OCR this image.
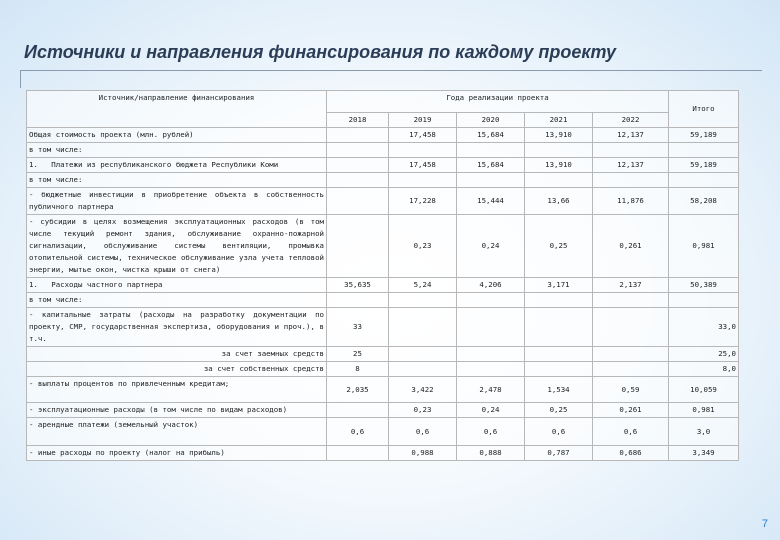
Источники и направления финансирования по каждому проекту
Источник/направление финансирования	Года реализации проекта					Итого
	2018	2019	2020	2021	2022	
Общая стоимость проекта (млн. рублей)		17,458	15,684	13,910	12,137	59,189
в том числе:						
1.   Платежи из республиканского бюджета Республики Коми		17,458	15,684	13,910	12,137	59,189
в том числе:						
- бюджетные инвестиции в приобретение объекта в собственность публичного партнера		17,228	15,444	13,66	11,876	58,208
- субсидии в целях возмещения эксплуатационных расходов (в том числе текущий ремонт здания, обслуживание охранно-пожарной сигнализации, обслуживание системы вентиляции, промывка отопительной системы, техническое обслуживание узла учета тепловой энергии, мытье окон, чистка крыши от снега)		0,23	0,24	0,25	0,261	0,981
1.   Расходы частного партнера	35,635	5,24	4,206	3,171	2,137	50,389
в том числе:						
- капитальные затраты (расходы на разработку документации по проекту, СМР, государственная экспертиза, оборудования и проч.), в т.ч.	33					33,0
за счет заемных средств	25					25,0
за счет собственных средств	8					8,0
- выплаты процентов по привлеченным кредитам;	2,035	3,422	2,478	1,534	0,59	10,059
- эксплуатационные расходы (в том числе по видам расходов)		0,23	0,24	0,25	0,261	0,981
- арендные платежи (земельный участок)	0,6	0,6	0,6	0,6	0,6	3,0
- иные расходы по проекту (налог на прибыль)		0,988	0,888	0,787	0,686	3,349
7
